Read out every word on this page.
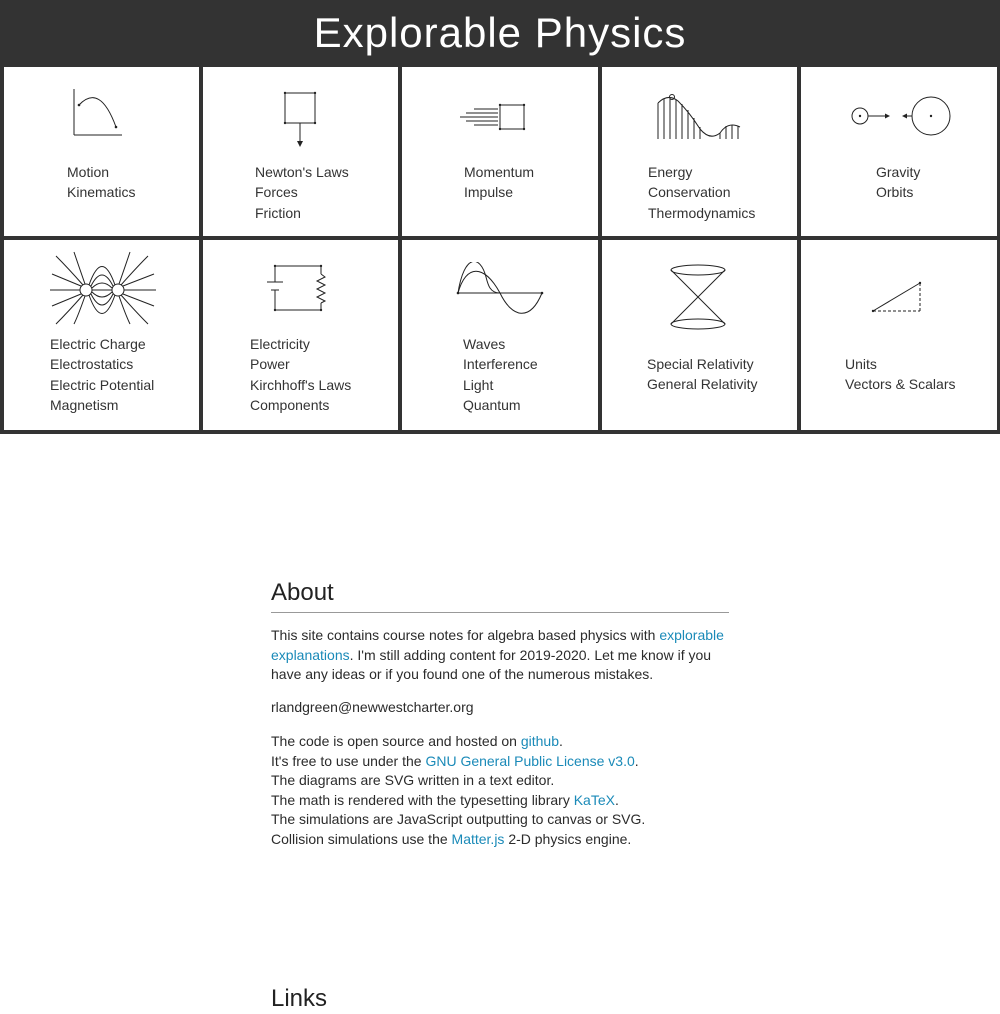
Explorable Physics
Motion
Kinematics
Newton's Laws
Forces
Friction
Momentum
Impulse
Energy
Conservation
Thermodynamics
Gravity
Orbits
Electric Charge
Electrostatics
Electric Potential
Magnetism
Electricity
Power
Kirchhoff's Laws
Components
Waves
Interference
Light
Quantum
Special Relativity
General Relativity
Units
Vectors & Scalars
About

This site contains course notes for algebra based physics with explorable explanations. I'm still adding content for 2019-2020. Let me know if you have any ideas or if you found one of the numerous mistakes.

rlandgreen@newwestcharter.org

The code is open source and hosted on github.
It's free to use under the GNU General Public License v3.0.
The diagrams are SVG written in a text editor.
The math is rendered with the typesetting library KaTeX.
The simulations are JavaScript outputting to canvas or SVG.
Collision simulations use the Matter.js 2-D physics engine.

Links
